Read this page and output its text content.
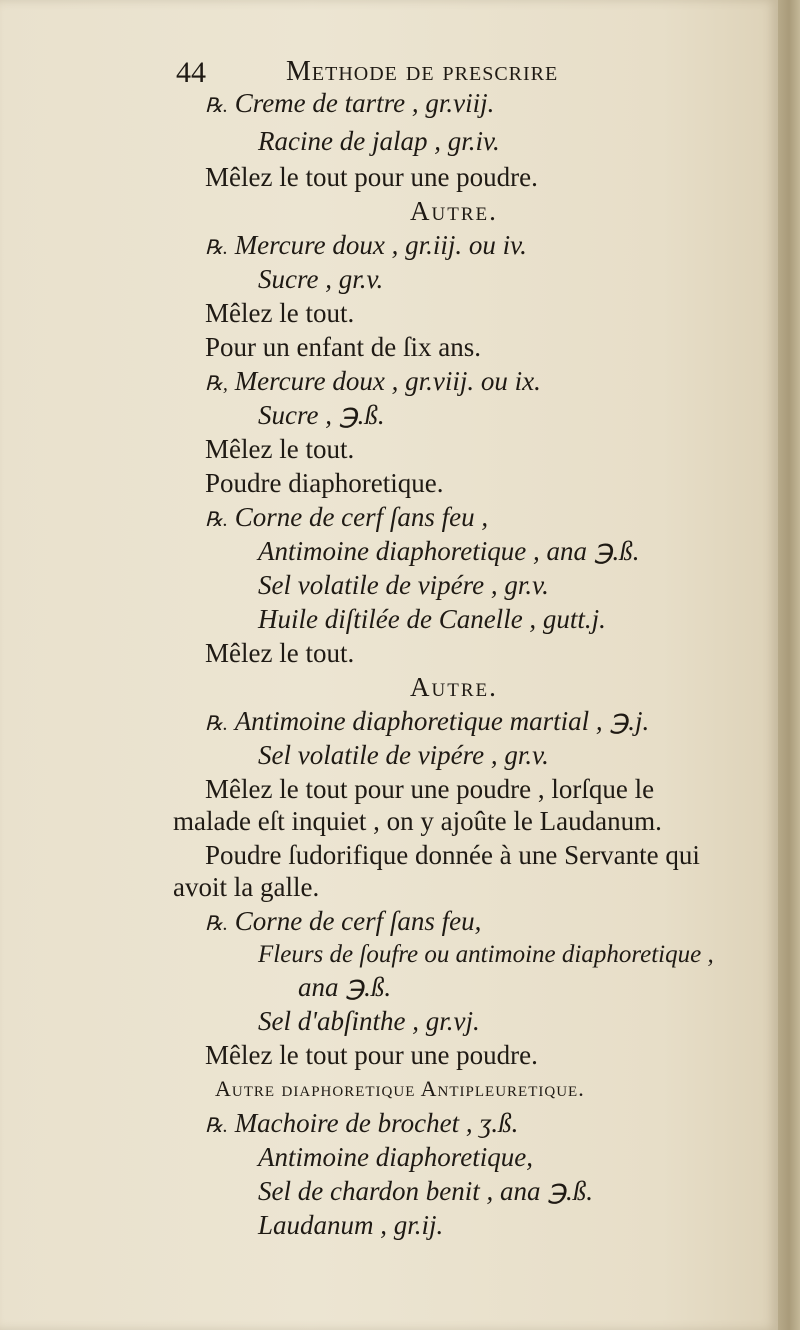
44	Methode de prescrire
℞. Creme de tartre , gr.viij.
Racine de jalap , gr.iv.
Mêlez le tout pour une poudre.
Autre.
℞. Mercure doux , gr.iij. ou iv.
Sucre , gr.v.
Mêlez le tout.
Pour un enfant de ſix ans.
℞, Mercure doux , gr.viij. ou ix.
Sucre , ℈.ß.
Mêlez le tout.
Poudre diaphoretique.
℞. Corne de cerf ſans feu ,
Antimoine diaphoretique , ana ℈.ß.
Sel volatile de vipére , gr.v.
Huile diſtilée de Canelle , gutt.j.
Mêlez le tout.
Autre.
℞. Antimoine diaphoretique martial , ℈.j.
Sel volatile de vipére , gr.v.
Mêlez le tout pour une poudre , lorſque le
malade eſt inquiet , on y ajoûte le Laudanum.
Poudre ſudorifique donnée à une Servante qui
avoit la galle.
℞. Corne de cerf ſans feu,
Fleurs de ſoufre ou antimoine diaphoretique ,
ana ℈.ß.
Sel d'abſinthe , gr.vj.
Mêlez le tout pour une poudre.
Autre diaphoretique Antipleuretique.
℞. Machoire de brochet , ʒ.ß.
Antimoine diaphoretique,
Sel de chardon benit , ana ℈.ß.
Laudanum , gr.ij.
